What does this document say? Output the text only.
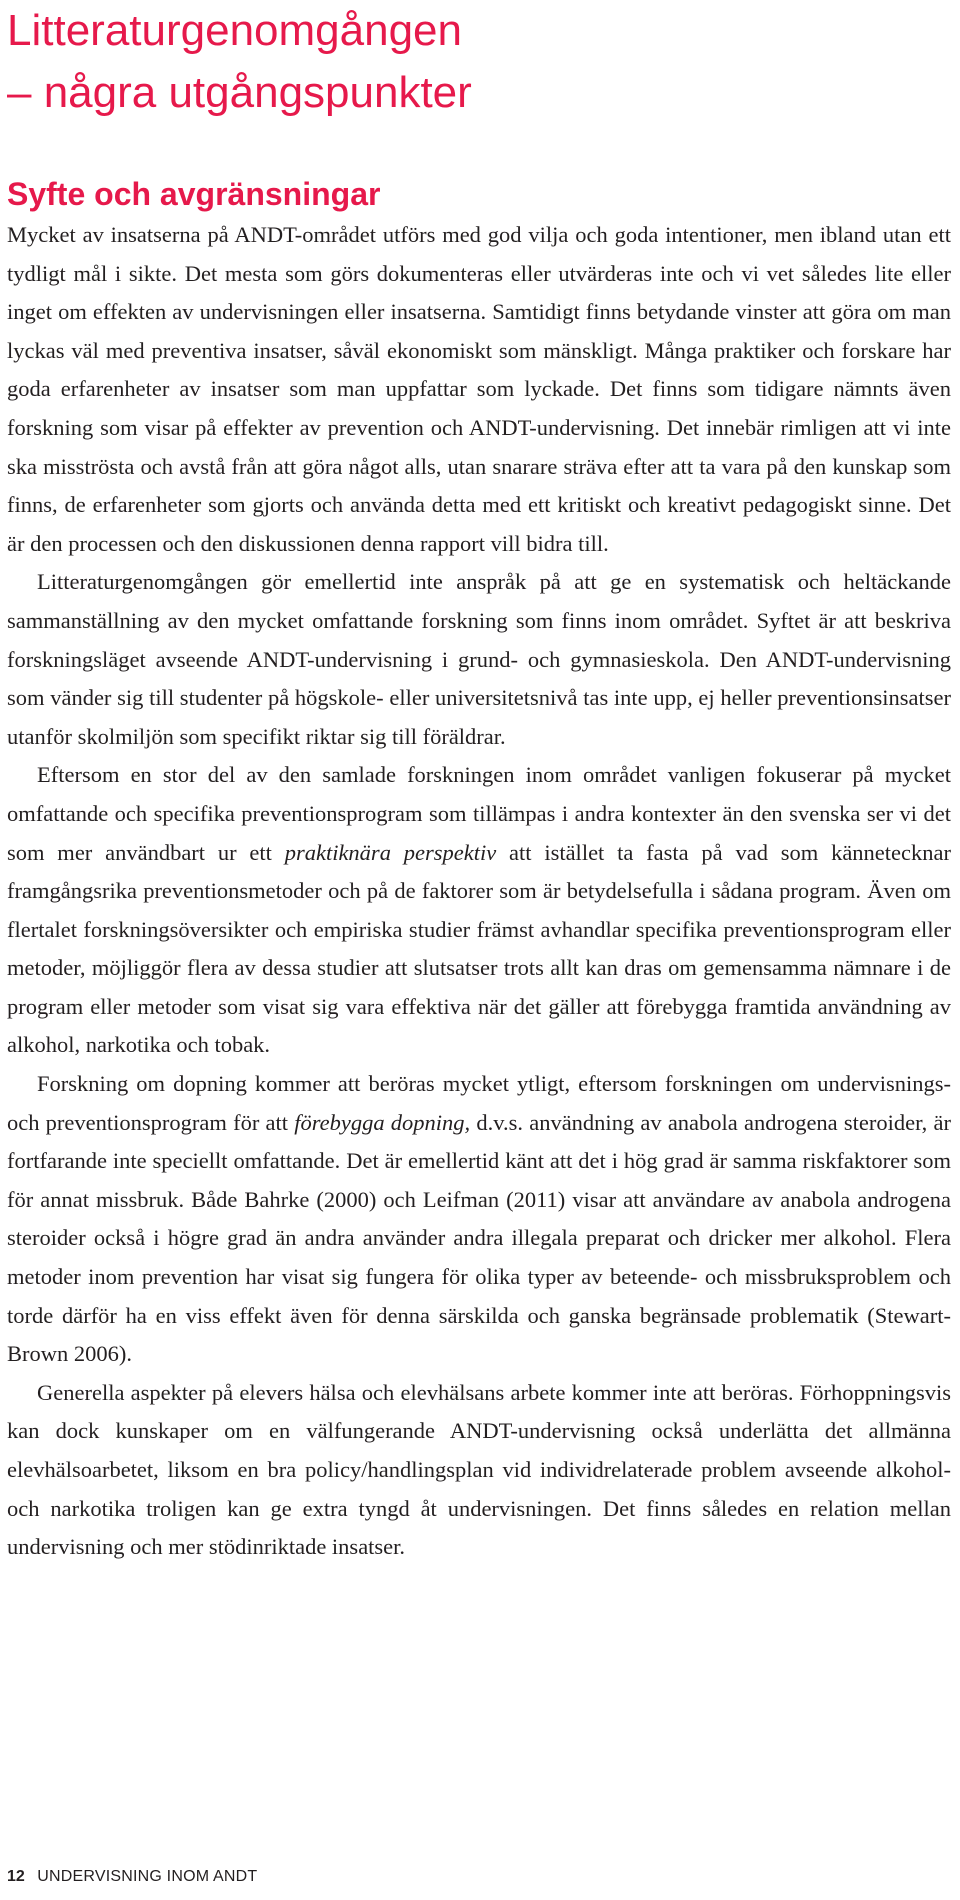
Litteraturgenomgången
– några utgångspunkter
Syfte och avgränsningar

Mycket av insatserna på ANDT-området utförs med god vilja och goda intentioner, men ibland utan ett tydligt mål i sikte. Det mesta som görs dokumenteras eller utvärderas inte och vi vet således lite eller inget om effekten av undervisningen eller insatserna. Samtidigt finns betydande vinster att göra om man lyckas väl med preventiva insatser, såväl ekonomiskt som mänskligt. Många praktiker och forskare har goda erfarenheter av insatser som man uppfattar som lyckade. Det finns som tidigare nämnts även forskning som visar på effekter av prevention och ANDT-undervisning. Det innebär rimligen att vi inte ska misströsta och avstå från att göra något alls, utan snarare sträva efter att ta vara på den kunskap som finns, de erfarenheter som gjorts och använda detta med ett kritiskt och kreativt pedagogiskt sinne. Det är den processen och den diskussionen denna rapport vill bidra till.

Litteraturgenomgången gör emellertid inte anspråk på att ge en systematisk och heltäckande sammanställning av den mycket omfattande forskning som finns inom området. Syftet är att beskriva forskningsläget avseende ANDT-undervisning i grund- och gymnasieskola. Den ANDT-undervisning som vänder sig till studenter på högskole- eller universitetsnivå tas inte upp, ej heller preventionsinsatser utanför skolmiljön som specifikt riktar sig till föräldrar.

Eftersom en stor del av den samlade forskningen inom området vanligen fokuserar på mycket omfattande och specifika preventionsprogram som tillämpas i andra kontexter än den svenska ser vi det som mer användbart ur ett praktiknära perspektiv att istället ta fasta på vad som kännetecknar framgångsrika preventionsmetoder och på de faktorer som är betydelsefulla i sådana program. Även om flertalet forskningsöversikter och empiriska studier främst avhandlar specifika preventionsprogram eller metoder, möjliggör flera av dessa studier att slutsatser trots allt kan dras om gemensamma nämnare i de program eller metoder som visat sig vara effektiva när det gäller att förebygga framtida användning av alkohol, narkotika och tobak.

Forskning om dopning kommer att beröras mycket ytligt, eftersom forskningen om undervisnings- och preventionsprogram för att förebygga dopning, d.v.s. användning av anabola androgena steroider, är fortfarande inte speciellt omfattande. Det är emellertid känt att det i hög grad är samma riskfaktorer som för annat missbruk. Både Bahrke (2000) och Leifman (2011) visar att användare av anabola androgena steroider också i högre grad än andra använder andra illegala preparat och dricker mer alkohol. Flera metoder inom prevention har visat sig fungera för olika typer av beteende- och missbruksproblem och torde därför ha en viss effekt även för denna särskilda och ganska begränsade problematik (Stewart-Brown 2006).

Generella aspekter på elevers hälsa och elevhälsans arbete kommer inte att beröras. Förhoppningsvis kan dock kunskaper om en välfungerande ANDT-undervisning också underlätta det allmänna elevhälsoarbetet, liksom en bra policy/handlingsplan vid individrelaterade problem avseende alkohol- och narkotika troligen kan ge extra tyngd åt undervisningen. Det finns således en relation mellan undervisning och mer stödinriktade insatser.

12 UNDERVISNING INOM ANDT
